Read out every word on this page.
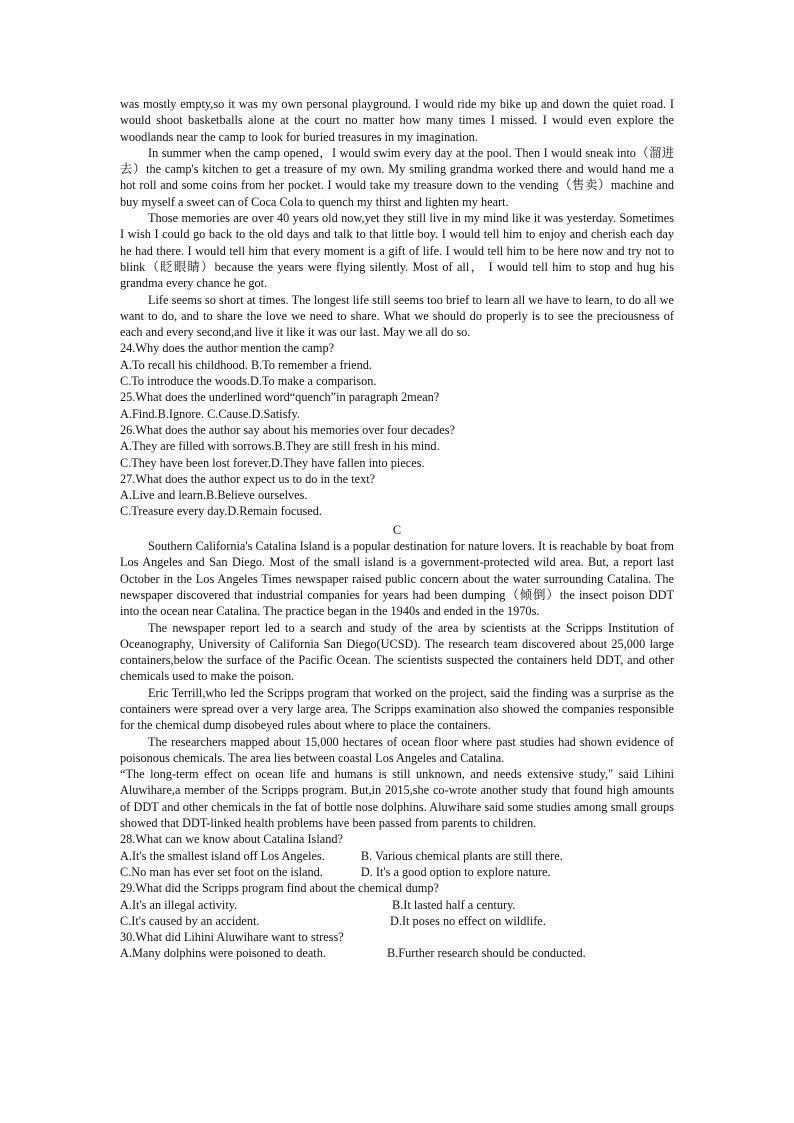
was mostly empty,so it was my own personal playground. I would ride my bike up and down the quiet road. I would shoot basketballs alone at the court no matter how many times I missed. I would even explore the woodlands near the camp to look for buried treasures in my imagination.

In summer when the camp opened，I would swim every day at the pool. Then I would sneak into（溜进去）the camp's kitchen to get a treasure of my own. My smiling grandma worked there and would hand me a hot roll and some coins from her pocket. I would take my treasure down to the vending（售卖）machine and buy myself a sweet can of Coca Cola to quench my thirst and lighten my heart.

Those memories are over 40 years old now,yet they still live in my mind like it was yesterday. Sometimes I wish I could go back to the old days and talk to that little boy. I would tell him to enjoy and cherish each day he had there. I would tell him that every moment is a gift of life. I would tell him to be here now and try not to blink（眨眼睛）because the years were flying silently. Most of all， I would tell him to stop and hug his grandma every chance he got.

Life seems so short at times. The longest life still seems too brief to learn all we have to learn, to do all we want to do, and to share the love we need to share. What we should do properly is to see the preciousness of each and every second,and live it like it was our last. May we all do so.

24.Why does the author mention the camp?

A.To recall his childhood. B.To remember a friend.

C.To introduce the woods.D.To make a comparison.

25.What does the underlined word“quench”in paragraph 2mean?

A.Find.B.Ignore. C.Cause.D.Satisfy.

26.What does the author say about his memories over four decades?

A.They are filled with sorrows.B.They are still fresh in his mind.

C.They have been lost forever.D.They have fallen into pieces.

27.What does the author expect us to do in the text?

A.Live and learn.B.Believe ourselves.

C.Treasure every day.D.Remain focused.

C

Southern California's Catalina Island is a popular destination for nature lovers. It is reachable by boat from Los Angeles and San Diego. Most of the small island is a government-protected wild area. But, a report last October in the Los Angeles Times newspaper raised public concern about the water surrounding Catalina. The newspaper discovered that industrial companies for years had been dumping（倾倒）the insect poison DDT into the ocean near Catalina. The practice began in the 1940s and ended in the 1970s.

The newspaper report led to a search and study of the area by scientists at the Scripps Institution of Oceanography, University of California San Diego(UCSD). The research team discovered about 25,000 large containers,below the surface of the Pacific Ocean. The scientists suspected the containers held DDT, and other chemicals used to make the poison.

Eric Terrill,who led the Scripps program that worked on the project, said the finding was a surprise as the containers were spread over a very large area. The Scripps examination also showed the companies responsible for the chemical dump disobeyed rules about where to place the containers.

The researchers mapped about 15,000 hectares of ocean floor where past studies had shown evidence of poisonous chemicals. The area lies between coastal Los Angeles and Catalina.

“The long-term effect on ocean life and humans is still unknown, and needs extensive study," said Lihini Aluwihare,a member of the Scripps program. But,in 2015,she co-wrote another study that found high amounts of DDT and other chemicals in the fat of bottle nose dolphins. Aluwihare said some studies among small groups showed that DDT-linked health problems have been passed from parents to children.

28.What can we know about Catalina Island?

A.It's the smallest island off Los Angeles.	B. Various chemical plants are still there.

C.No man has ever set foot on the island.	D. It's a good option to explore nature.

29.What did the Scripps program find about the chemical dump?

A.It's an illegal activity.	B.It lasted half a century.

C.It's caused by an accident.	D.It poses no effect on wildlife.

30.What did Lihini Aluwihare want to stress?

A.Many dolphins were poisoned to death.	B.Further research should be conducted.
